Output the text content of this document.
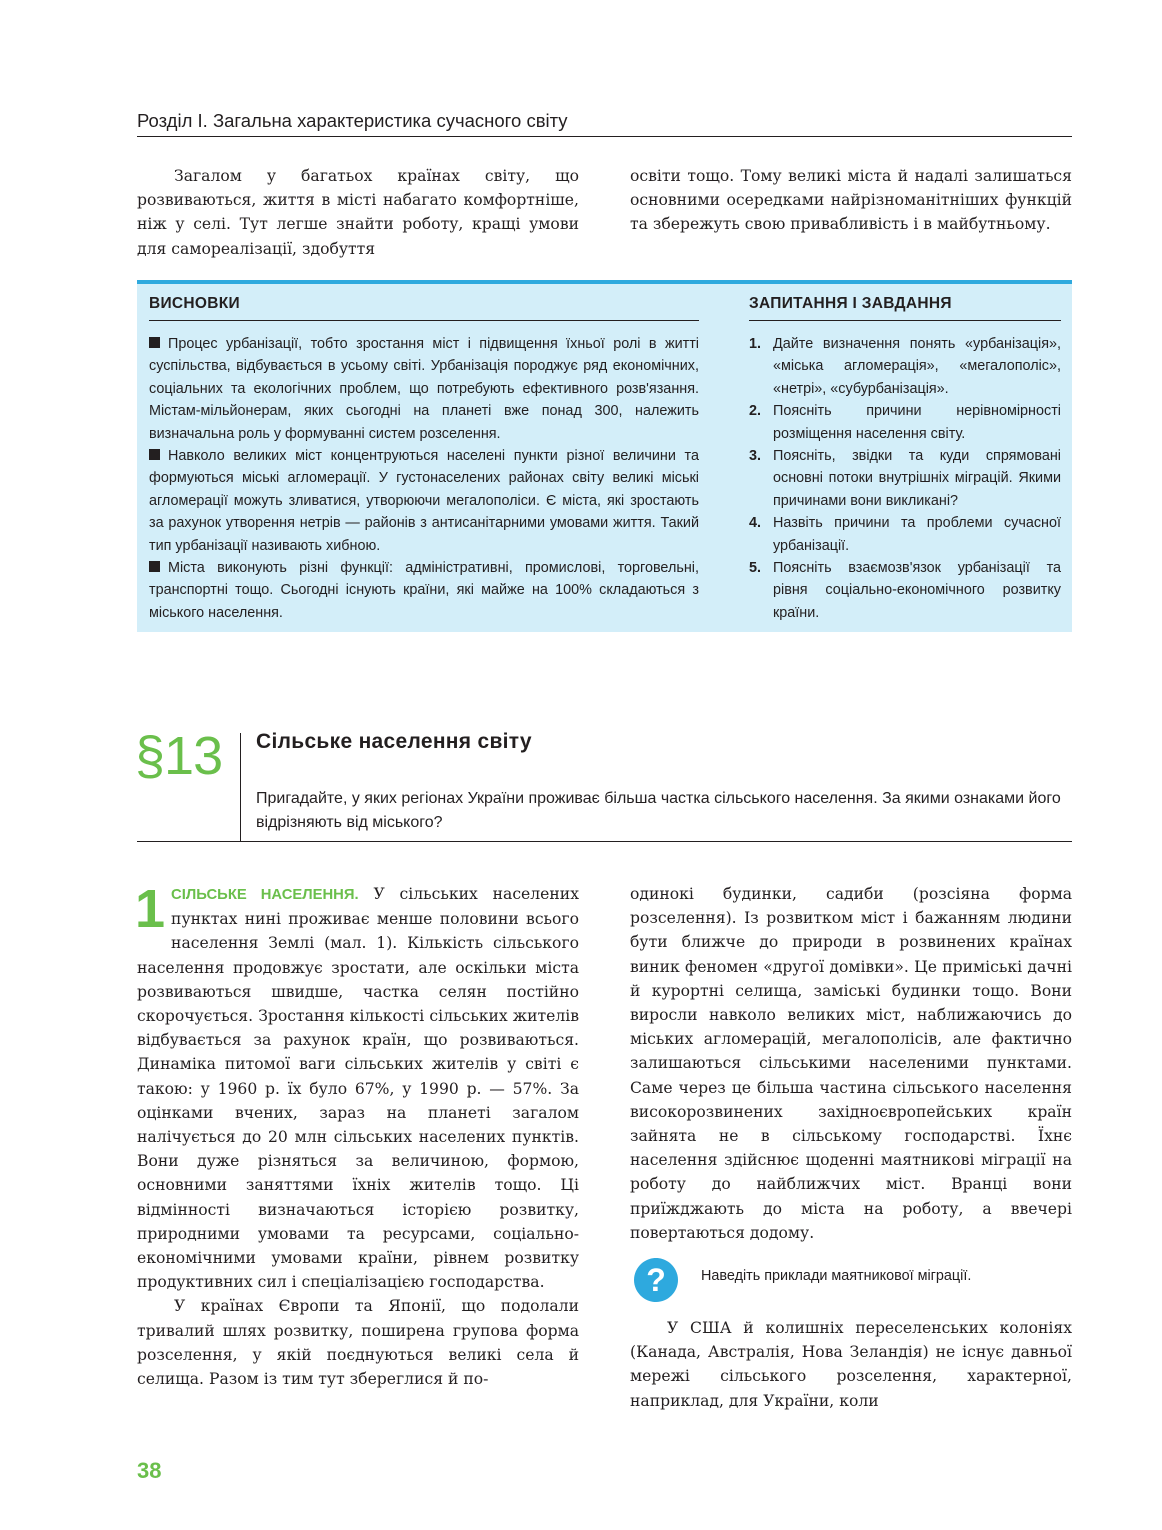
Розділ І. Загальна характеристика сучасного світу
Загалом у багатьох країнах світу, що розвиваються, життя в місті набагато комфортніше, ніж у селі. Тут легше знайти роботу, кращі умови для самореалізації, здобуття
освіти тощо. Тому великі міста й надалі залишаться основними осередками найрізноманітніших функцій та збережуть свою привабливість і в майбутньому.
ВИСНОВКИ
Процес урбанізації, тобто зростання міст і підвищення їхньої ролі в житті суспільства, відбувається в усьому світі. Урбанізація породжує ряд економічних, соціальних та екологічних проблем, що потребують ефективного розв'язання. Містам-мільйонерам, яких сьогодні на планеті вже понад 300, належить визначальна роль у формуванні систем розселення.
Навколо великих міст концентруються населені пункти різної величини та формуються міські агломерації. У густонаселених районах світу великі міські агломерації можуть зливатися, утворюючи мегалополіси. Є міста, які зростають за рахунок утворення нетрів — районів з антисанітарними умовами життя. Такий тип урбанізації називають хибною.
Міста виконують різні функції: адміністративні, промислові, торговельні, транспортні тощо. Сьогодні існують країни, які майже на 100% складаються з міського населення.
ЗАПИТАННЯ І ЗАВДАННЯ
1. Дайте визначення понять «урбанізація», «міська агломерація», «мегалополіс», «нетрі», «субурбанізація».
2. Поясніть причини нерівномірності розміщення населення світу.
3. Поясніть, звідки та куди спрямовані основні потоки внутрішніх міграцій. Якими причинами вони викликані?
4. Назвіть причини та проблеми сучасної урбанізації.
5. Поясніть взаємозв'язок урбанізації та рівня соціально-економічного розвитку країни.
§13 Сільське населення світу
Пригадайте, у яких регіонах України проживає більша частка сільського населення. За якими ознаками його відрізняють від міського?

1 СІЛЬСЬКЕ НАСЕЛЕННЯ. У сільських населених пунктах нині проживає менше половини всього населення Землі (мал. 1). Кількість сільського населення продовжує зростати, але оскільки міста розвиваються швидше, частка селян постійно скорочується. Зростання кількості сільських жителів відбувається за рахунок країн, що розвиваються. Динаміка питомої ваги сільських жителів у світі є такою: у 1960 р. їх було 67%, у 1990 р. — 57%. За оцінками вчених, зараз на планеті загалом налічується до 20 млн сільських населених пунктів. Вони дуже різняться за величиною, формою, основними заняттями їхніх жителів тощо. Ці відмінності визначаються історією розвитку, природними умовами та ресурсами, соціально-економічними умовами країни, рівнем розвитку продуктивних сил і спеціалізацією господарства.

У країнах Європи та Японії, що подолали тривалий шлях розвитку, поширена групова форма розселення, у якій поєднуються великі села й селища. Разом із тим тут збереглися й по-

одинокі будинки, садиби (розсіяна форма розселення). Із розвитком міст і бажанням людини бути ближче до природи в розвинених країнах виник феномен «другої домівки». Це приміські дачні й курортні селища, заміські будинки тощо. Вони виросли навколо великих міст, наближаючись до міських агломерацій, мегалополісів, але фактично залишаються сільськими населеними пунктами. Саме через це більша частина сільського населення високорозвинених західноєвропейських країн зайнята не в сільському господарстві. Їхнє населення здійснює щоденні маятникові міграції на роботу до найближчих міст. Вранці вони приїжджають до міста на роботу, а ввечері повертаються додому.

? Наведіть приклади маятникової міграції.

У США й колишніх переселенських колоніях (Канада, Австралія, Нова Зеландія) не існує давньої мережі сільського розселення, характерної, наприклад, для України, коли

38
